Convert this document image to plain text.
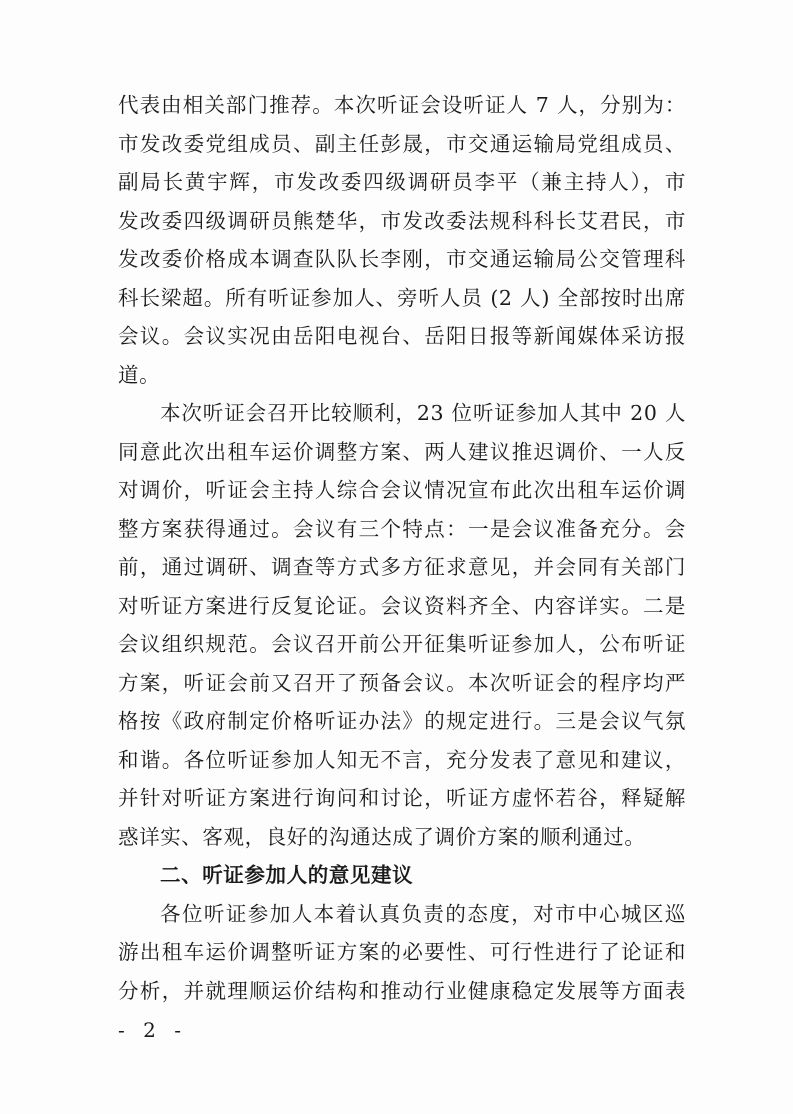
代表由相关部门推荐。本次听证会设听证人 7 人，分别为：
市发改委党组成员、副主任彭晟，市交通运输局党组成员、
副局长黄宇辉，市发改委四级调研员李平（兼主持人），市
发改委四级调研员熊楚华，市发改委法规科科长艾君民，市
发改委价格成本调查队队长李刚，市交通运输局公交管理科
科长梁超。所有听证参加人、旁听人员 (2 人) 全部按时出席
会议。会议实况由岳阳电视台、岳阳日报等新闻媒体采访报
道。
本次听证会召开比较顺利，23 位听证参加人其中 20 人
同意此次出租车运价调整方案、两人建议推迟调价、一人反
对调价，听证会主持人综合会议情况宣布此次出租车运价调
整方案获得通过。会议有三个特点：一是会议准备充分。会
前，通过调研、调查等方式多方征求意见，并会同有关部门
对听证方案进行反复论证。会议资料齐全、内容详实。二是
会议组织规范。会议召开前公开征集听证参加人，公布听证
方案，听证会前又召开了预备会议。本次听证会的程序均严
格按《政府制定价格听证办法》的规定进行。三是会议气氛
和谐。各位听证参加人知无不言，充分发表了意见和建议，
并针对听证方案进行询问和讨论，听证方虚怀若谷，释疑解
惑详实、客观，良好的沟通达成了调价方案的顺利通过。
二、听证参加人的意见建议
各位听证参加人本着认真负责的态度，对市中心城区巡
游出租车运价调整听证方案的必要性、可行性进行了论证和
分析，并就理顺运价结构和推动行业健康稳定发展等方面表
- 2 -
